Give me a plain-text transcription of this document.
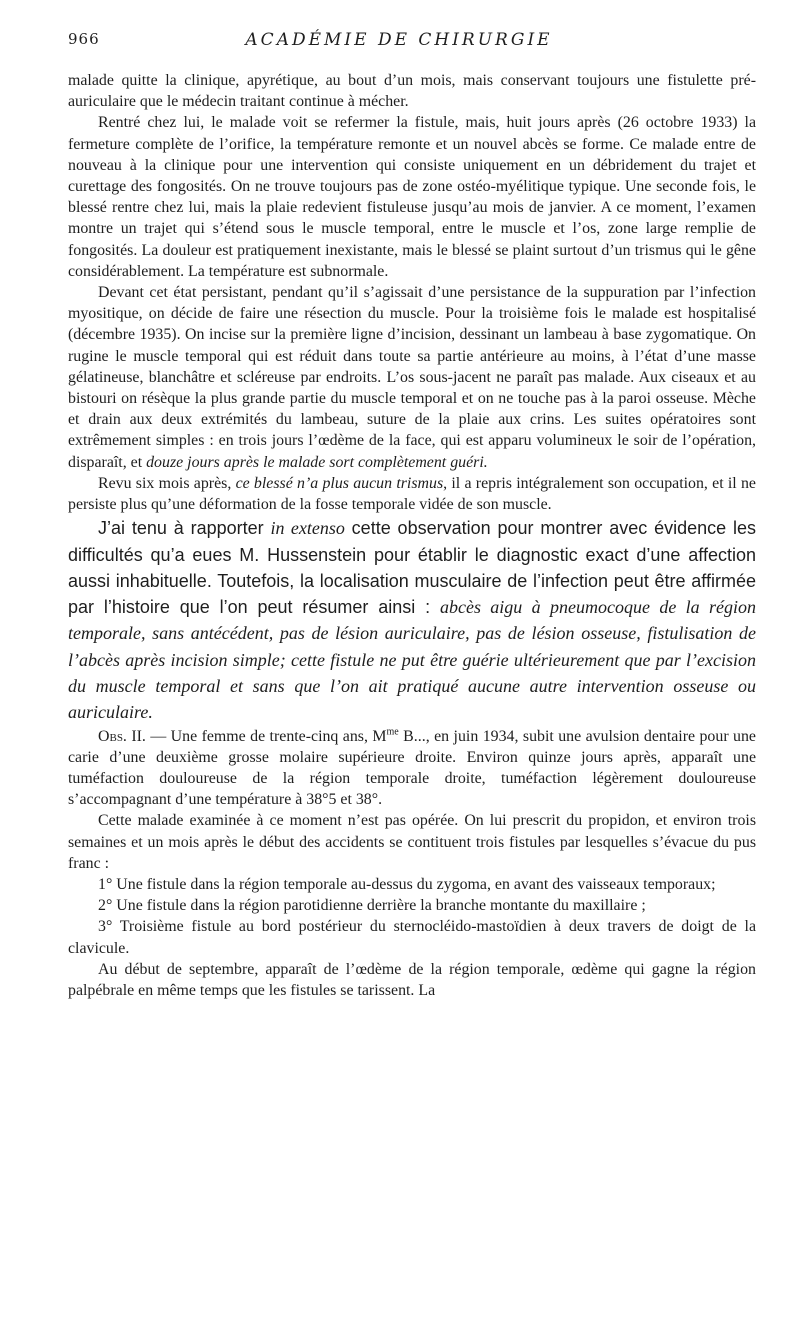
966	ACADÉMIE DE CHIRURGIE

malade quitte la clinique, apyrétique, au bout d’un mois, mais conservant toujours une fistulette pré-auriculaire que le médecin traitant continue à mécher.

Rentré chez lui, le malade voit se refermer la fistule, mais, huit jours après (26 octobre 1933) la fermeture complète de l’orifice, la température remonte et un nouvel abcès se forme. Ce malade entre de nouveau à la clinique pour une intervention qui consiste uniquement en un débridement du trajet et curettage des fongosités. On ne trouve toujours pas de zone ostéo-myélitique typique. Une seconde fois, le blessé rentre chez lui, mais la plaie redevient fistuleuse jusqu’au mois de janvier. A ce moment, l’examen montre un trajet qui s’étend sous le muscle temporal, entre le muscle et l’os, zone large remplie de fongosités. La douleur est pratiquement inexistante, mais le blessé se plaint surtout d’un trismus qui le gêne considérablement. La température est subnormale.

Devant cet état persistant, pendant qu’il s’agissait d’une persistance de la suppuration par l’infection myositique, on décide de faire une résection du muscle. Pour la troisième fois le malade est hospitalisé (décembre 1935). On incise sur la première ligne d’incision, dessinant un lambeau à base zygomatique. On rugine le muscle temporal qui est réduit dans toute sa partie antérieure au moins, à l’état d’une masse gélatineuse, blanchâtre et scléreuse par endroits. L’os sous-jacent ne paraît pas malade. Aux ciseaux et au bistouri on résèque la plus grande partie du muscle temporal et on ne touche pas à la paroi osseuse. Mèche et drain aux deux extrémités du lambeau, suture de la plaie aux crins. Les suites opératoires sont extrêmement simples : en trois jours l’œdème de la face, qui est apparu volumineux le soir de l’opération, disparaît, et douze jours après le malade sort complètement guéri.

Revu six mois après, ce blessé n’a plus aucun trismus, il a repris intégralement son occupation, et il ne persiste plus qu’une déformation de la fosse temporale vidée de son muscle.

J’ai tenu à rapporter in extenso cette observation pour montrer avec évidence les difficultés qu’a eues M. Hussenstein pour établir le diagnostic exact d’une affection aussi inhabituelle. Toutefois, la localisation musculaire de l’infection peut être affirmée par l’histoire que l’on peut résumer ainsi : abcès aigu à pneumocoque de la région temporale, sans antécédent, pas de lésion auriculaire, pas de lésion osseuse, fistulisation de l’abcès après incision simple; cette fistule ne put être guérie ultérieurement que par l’excision du muscle temporal et sans que l’on ait pratiqué aucune autre intervention osseuse ou auriculaire.

Obs. II. — Une femme de trente-cinq ans, $M^{me}$ B..., en juin 1934, subit une avulsion dentaire pour une carie d’une deuxième grosse molaire supérieure droite. Environ quinze jours après, apparaît une tuméfaction douloureuse de la région temporale droite, tuméfaction légèrement douloureuse s’accompagnant d’une température à 38°5 et 38°.

Cette malade examinée à ce moment n’est pas opérée. On lui prescrit du propidon, et environ trois semaines et un mois après le début des accidents se contituent trois fistules par lesquelles s’évacue du pus franc :

1° Une fistule dans la région temporale au-dessus du zygoma, en avant des vaisseaux temporaux;

2° Une fistule dans la région parotidienne derrière la branche montante du maxillaire ;

3° Troisième fistule au bord postérieur du sternocléido-mastoïdien à deux travers de doigt de la clavicule.

Au début de septembre, apparaît de l’œdème de la région temporale, œdème qui gagne la région palpébrale en même temps que les fistules se tarissent. La
